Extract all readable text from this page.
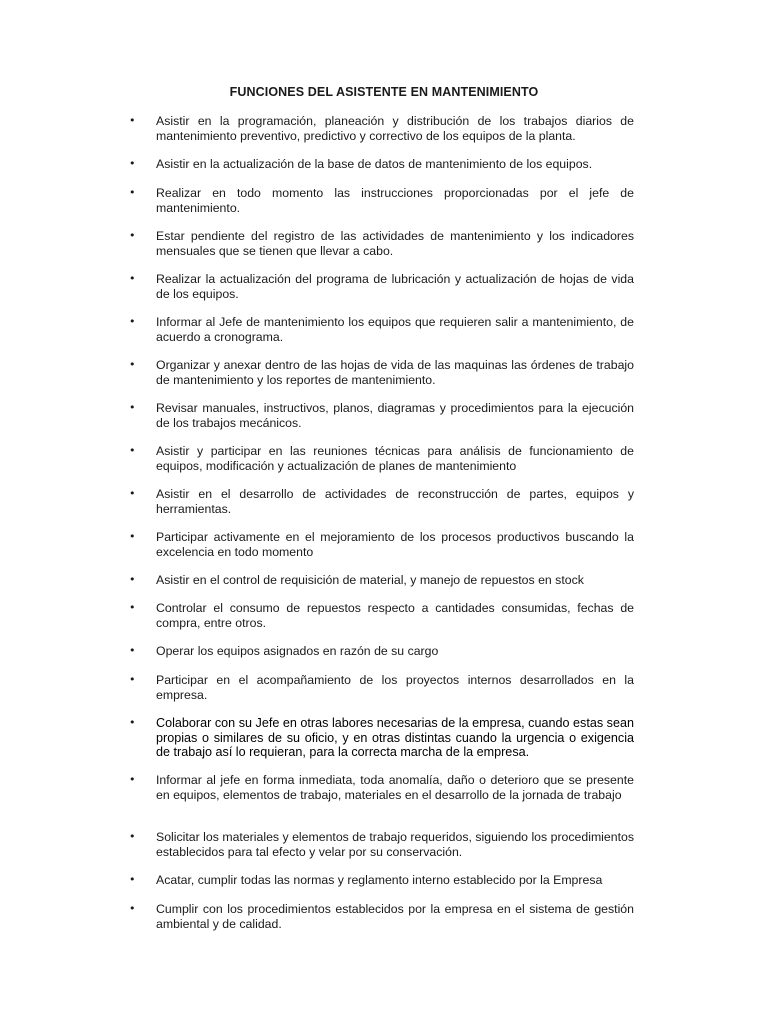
FUNCIONES DEL ASISTENTE EN MANTENIMIENTO
• Asistir en la programación, planeación y distribución de los trabajos diarios de mantenimiento preventivo, predictivo y correctivo de los equipos de la planta.

• Asistir en la actualización de la base de datos de mantenimiento de los equipos.

• Realizar en todo momento las instrucciones proporcionadas por el jefe de mantenimiento.

• Estar pendiente del registro de las actividades de mantenimiento y los indicadores mensuales que se tienen que llevar a cabo.

• Realizar la actualización del programa de lubricación y actualización de hojas de vida de los equipos.

• Informar al Jefe de mantenimiento los equipos que requieren salir a mantenimiento, de acuerdo a cronograma.

• Organizar y anexar dentro de las hojas de vida de las maquinas las órdenes de trabajo de mantenimiento y los reportes de mantenimiento.

• Revisar manuales, instructivos, planos, diagramas y procedimientos para la ejecución de los trabajos mecánicos.

• Asistir y participar en las reuniones técnicas para análisis de funcionamiento de equipos, modificación y actualización de planes de mantenimiento

• Asistir en el desarrollo de actividades de reconstrucción de partes, equipos y herramientas.

• Participar activamente en el mejoramiento de los procesos productivos buscando la excelencia en todo momento

• Asistir en el control de requisición de material, y manejo de repuestos en stock

• Controlar el consumo de repuestos respecto a cantidades consumidas, fechas de compra, entre otros.

• Operar los equipos asignados en razón de su cargo

• Participar en el acompañamiento de los proyectos internos desarrollados en la empresa.

• Colaborar con su Jefe en otras labores necesarias de la empresa, cuando estas sean propias o similares de su oficio, y en otras distintas cuando la urgencia o exigencia de trabajo así lo requieran, para la correcta marcha de la empresa.

• Informar al jefe en forma inmediata, toda anomalía, daño o deterioro que se presente en equipos, elementos de trabajo, materiales en el desarrollo de la jornada de trabajo

• Solicitar los materiales y elementos de trabajo requeridos, siguiendo los procedimientos establecidos para tal efecto y velar por su conservación.

• Acatar, cumplir todas las normas y reglamento interno establecido por la Empresa

• Cumplir con los procedimientos establecidos por la empresa en el sistema de gestión ambiental y de calidad.
